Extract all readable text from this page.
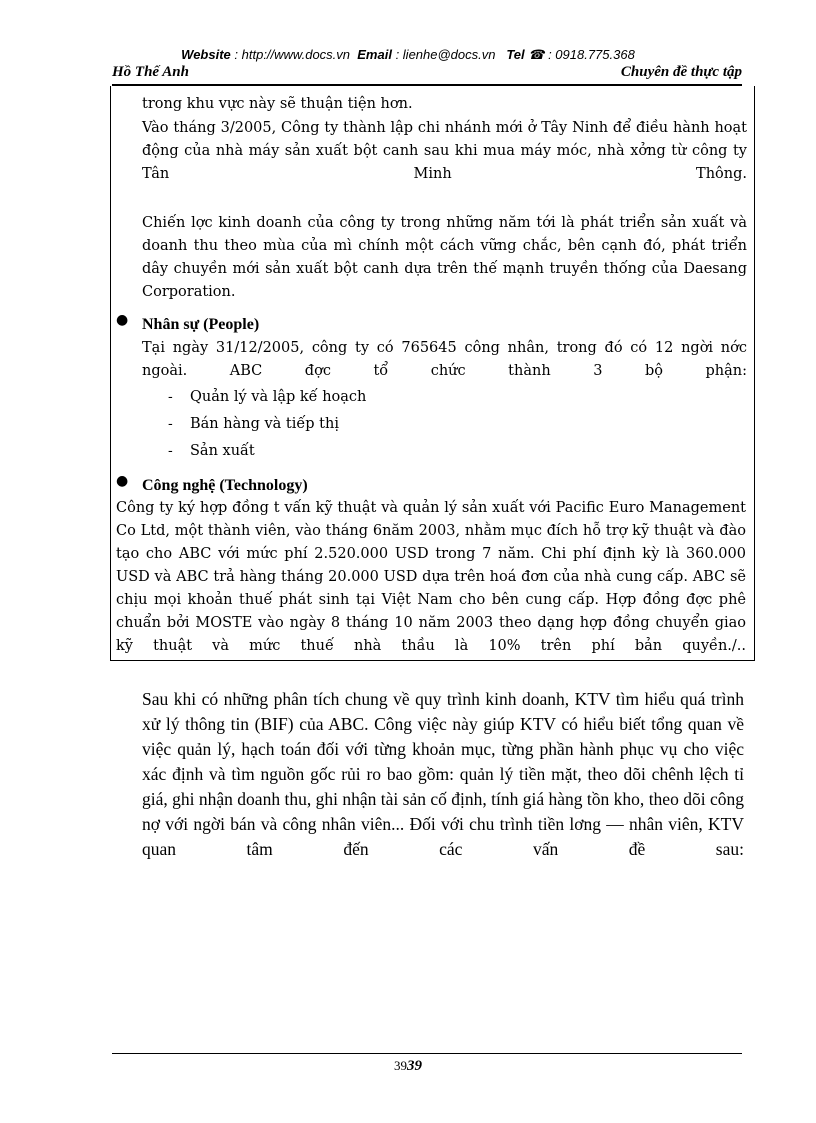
Website : http://www.docs.vn Email : lienhe@docs.vn Tel ☎ : 0918.775.368
Hồ Thế Anh	Chuyên đề thực tập
trong khu vực này sẽ thuận tiện hơn.
Vào tháng 3/2005, Công ty thành lập chi nhánh mới ở Tây Ninh để điều hành hoạt động của nhà máy sản xuất bột canh sau khi mua máy móc, nhà xởng từ công ty Tân Minh Thông.
Chiến lợc kinh doanh của công ty trong những năm tới là phát triển sản xuất và doanh thu theo mùa của mì chính một cách vững chắc, bên cạnh đó, phát triển dây chuyền mới sản xuất bột canh dựa trên thế mạnh truyền thống của Daesang Corporation.
● Nhân sự (People)
Tại ngày 31/12/2005, công ty có 765645 công nhân, trong đó có 12 ngời nớc ngoài. ABC đợc tổ chức thành 3 bộ phận:
- Quản lý và lập kế hoạch
- Bán hàng và tiếp thị
- Sản xuất
● Công nghệ (Technology)
Công ty ký hợp đồng t vấn kỹ thuật và quản lý sản xuất với Pacific Euro Management Co Ltd, một thành viên, vào tháng 6năm 2003, nhằm mục đích hỗ trợ kỹ thuật và đào tạo cho ABC với mức phí 2.520.000 USD trong 7 năm. Chi phí định kỳ là 360.000 USD và ABC trả hàng tháng 20.000 USD dựa trên hoá đơn của nhà cung cấp. ABC sẽ chịu mọi khoản thuế phát sinh tại Việt Nam cho bên cung cấp. Hợp đồng đợc phê chuẩn bởi MOSTE vào ngày 8 tháng 10 năm 2003 theo dạng hợp đồng chuyển giao kỹ thuật và mức thuế nhà thầu là 10% trên phí bản quyền./..
Sau khi có những phân tích chung về quy trình kinh doanh, KTV tìm hiểu quá trình xử lý thông tin (BIF) của ABC. Công việc này giúp KTV có hiểu biết tổng quan về việc quản lý, hạch toán đối với từng khoản mục, từng phần hành phục vụ cho việc xác định và tìm nguồn gốc rủi ro bao gồm: quản lý tiền mặt, theo dõi chênh lệch tỉ giá, ghi nhận doanh thu, ghi nhận tài sản cố định, tính giá hàng tồn kho, theo dõi công nợ với ngời bán và công nhân viên... Đối với chu trình tiền lơng — nhân viên, KTV quan tâm đến các vấn đề sau:
3939
